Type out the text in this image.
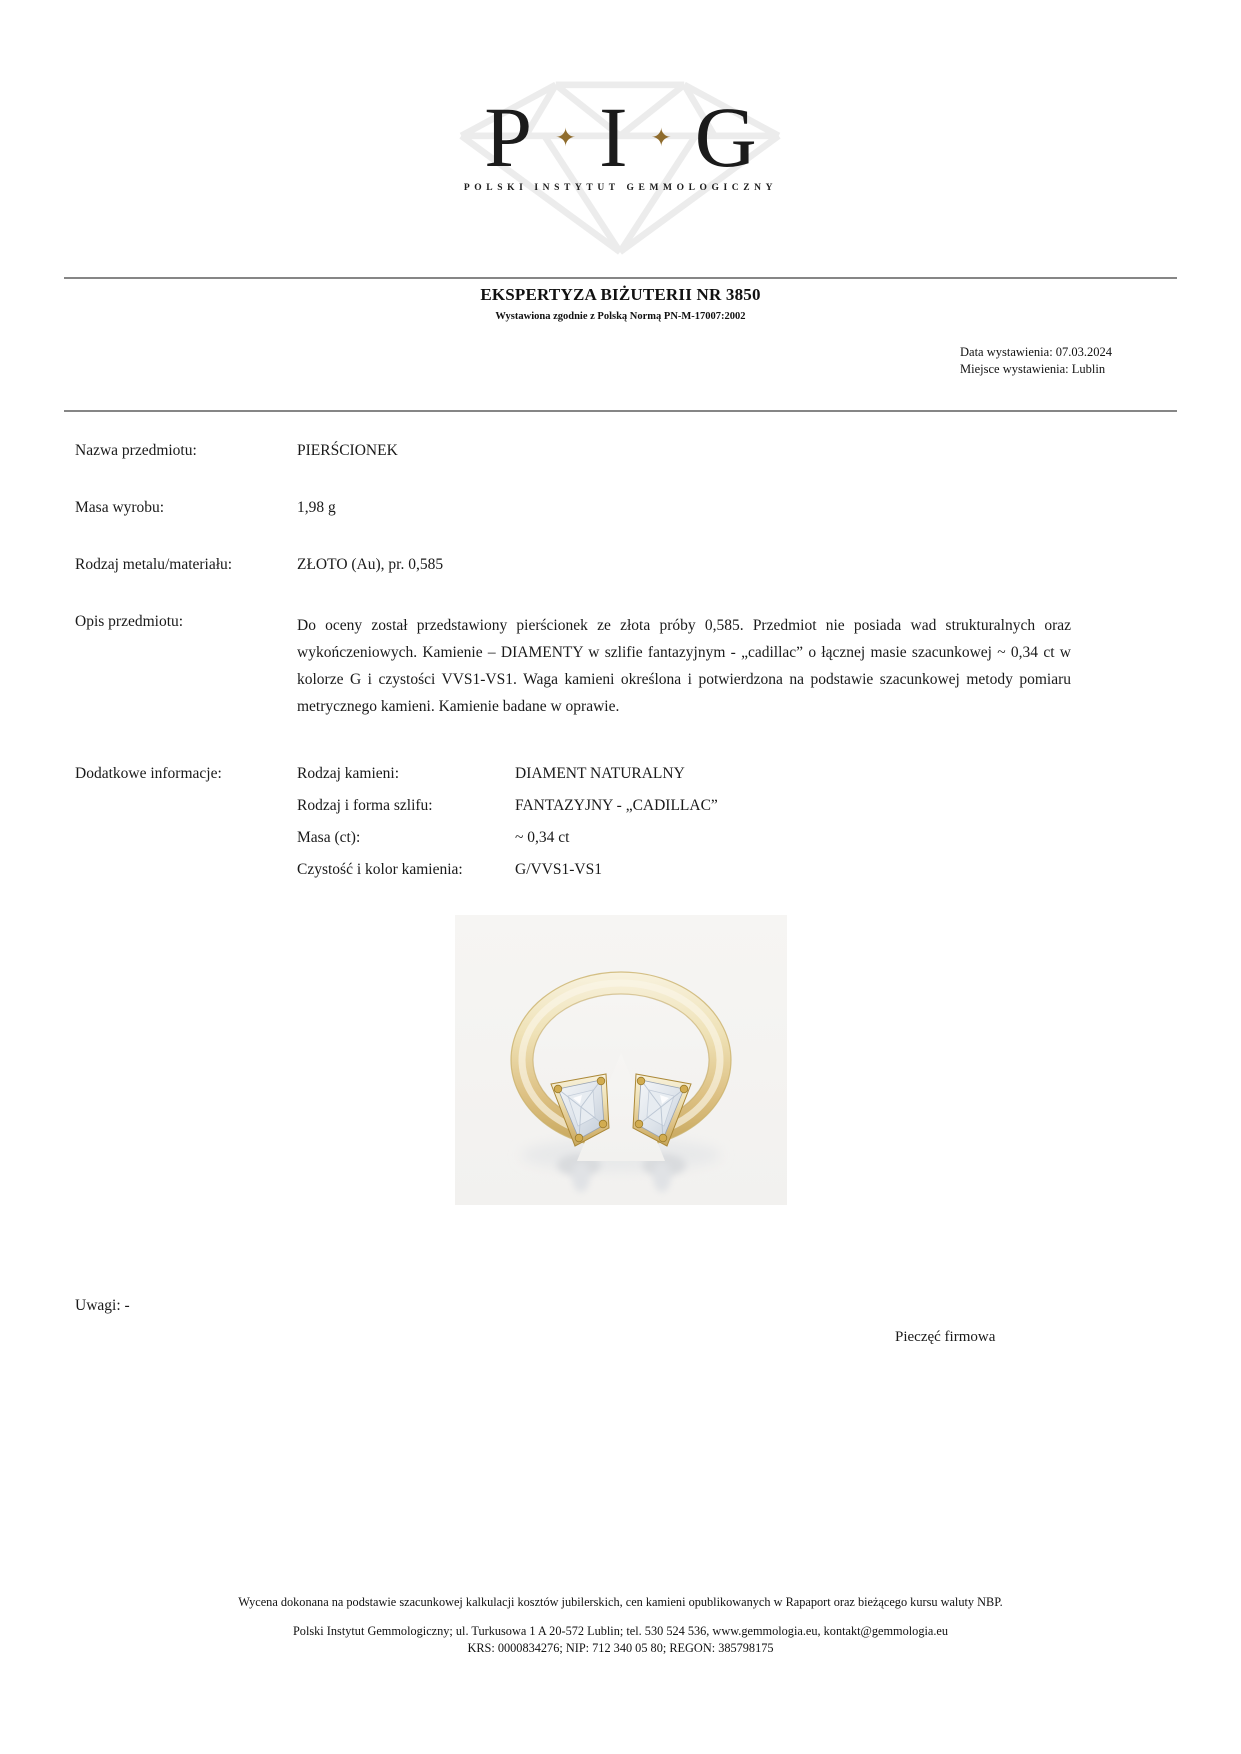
P ✦ I ✦ G
POLSKI INSTYTUT GEMMOLOGICZNY
EKSPERTYZA BIŻUTERII NR 3850
Wystawiona zgodnie z Polską Normą PN-M-17007:2002
Data wystawienia: 07.03.2024
Miejsce wystawienia: Lublin
Nazwa przedmiotu:	PIERŚCIONEK
Masa wyrobu:	1,98 g
Rodzaj metalu/materiału:	ZŁOTO (Au), pr. 0,585
Opis przedmiotu:	Do oceny został przedstawiony pierścionek ze złota próby 0,585. Przedmiot nie posiada wad strukturalnych oraz wykończeniowych. Kamienie – DIAMENTY w szlifie fantazyjnym - „cadillac” o łącznej masie szacunkowej ~ 0,34 ct w kolorze G i czystości VVS1-VS1. Waga kamieni określona i potwierdzona na podstawie szacunkowej metody pomiaru metrycznego kamieni. Kamienie badane w oprawie.
Dodatkowe informacje:	Rodzaj kamieni:	DIAMENT NATURALNY
Rodzaj i forma szlifu:	FANTAZYJNY - „CADILLAC”
Masa (ct):	~ 0,34 ct
Czystość i kolor kamienia:	G/VVS1-VS1
Uwagi: -
Pieczęć firmowa
Wycena dokonana na podstawie szacunkowej kalkulacji kosztów jubilerskich, cen kamieni opublikowanych w Rapaport oraz bieżącego kursu waluty NBP.
Polski Instytut Gemmologiczny; ul. Turkusowa 1 A 20-572 Lublin; tel. 530 524 536, www.gemmologia.eu, kontakt@gemmologia.eu
KRS: 0000834276; NIP: 712 340 05 80; REGON: 385798175
